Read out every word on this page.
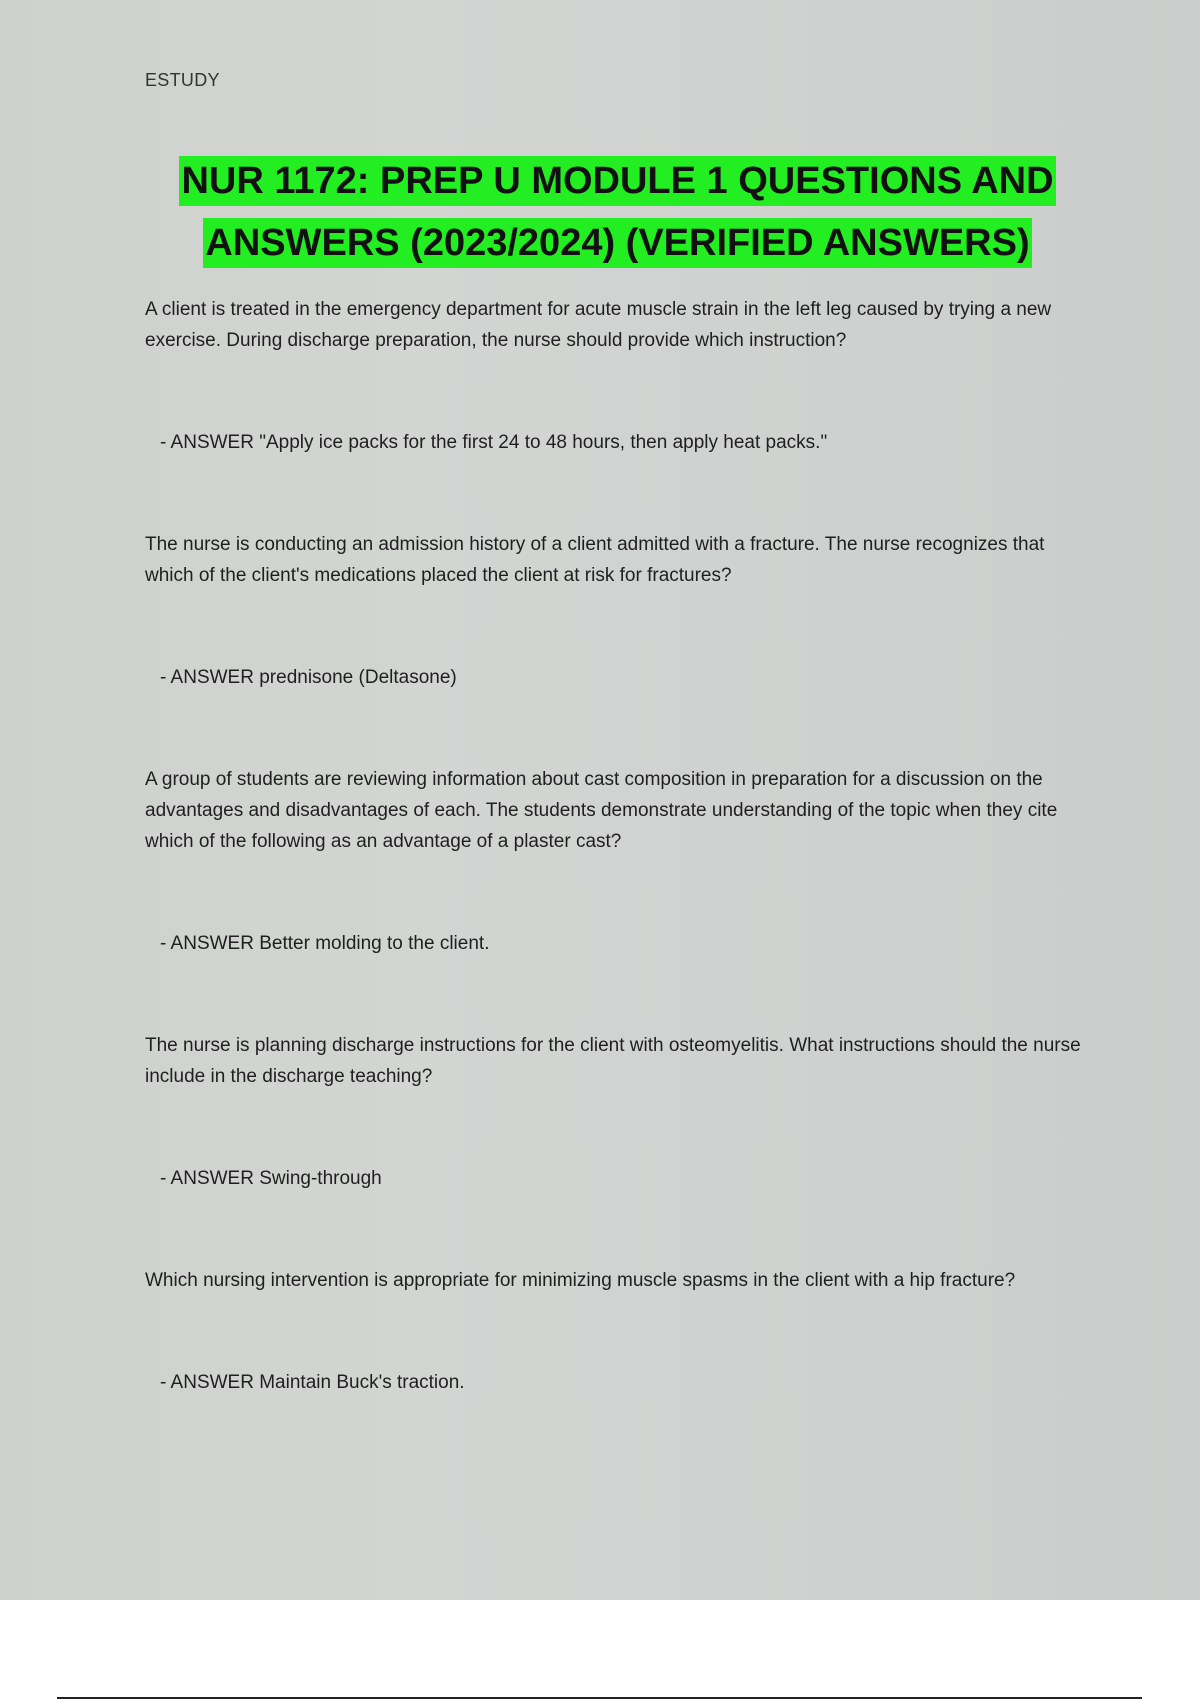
ESTUDY
NUR 1172: PREP U MODULE 1 QUESTIONS AND
ANSWERS (2023/2024) (VERIFIED ANSWERS)

A client is treated in the emergency department for acute muscle strain in the left leg caused by trying a new exercise. During discharge preparation, the nurse should provide which instruction?

- ANSWER "Apply ice packs for the first 24 to 48 hours, then apply heat packs."

The nurse is conducting an admission history of a client admitted with a fracture. The nurse recognizes that which of the client's medications placed the client at risk for fractures?

- ANSWER prednisone (Deltasone)

A group of students are reviewing information about cast composition in preparation for a discussion on the advantages and disadvantages of each. The students demonstrate understanding of the topic when they cite which of the following as an advantage of a plaster cast?

- ANSWER Better molding to the client.

The nurse is planning discharge instructions for the client with osteomyelitis. What instructions should the nurse include in the discharge teaching?

- ANSWER Swing-through

Which nursing intervention is appropriate for minimizing muscle spasms in the client with a hip fracture?

- ANSWER Maintain Buck's traction.
